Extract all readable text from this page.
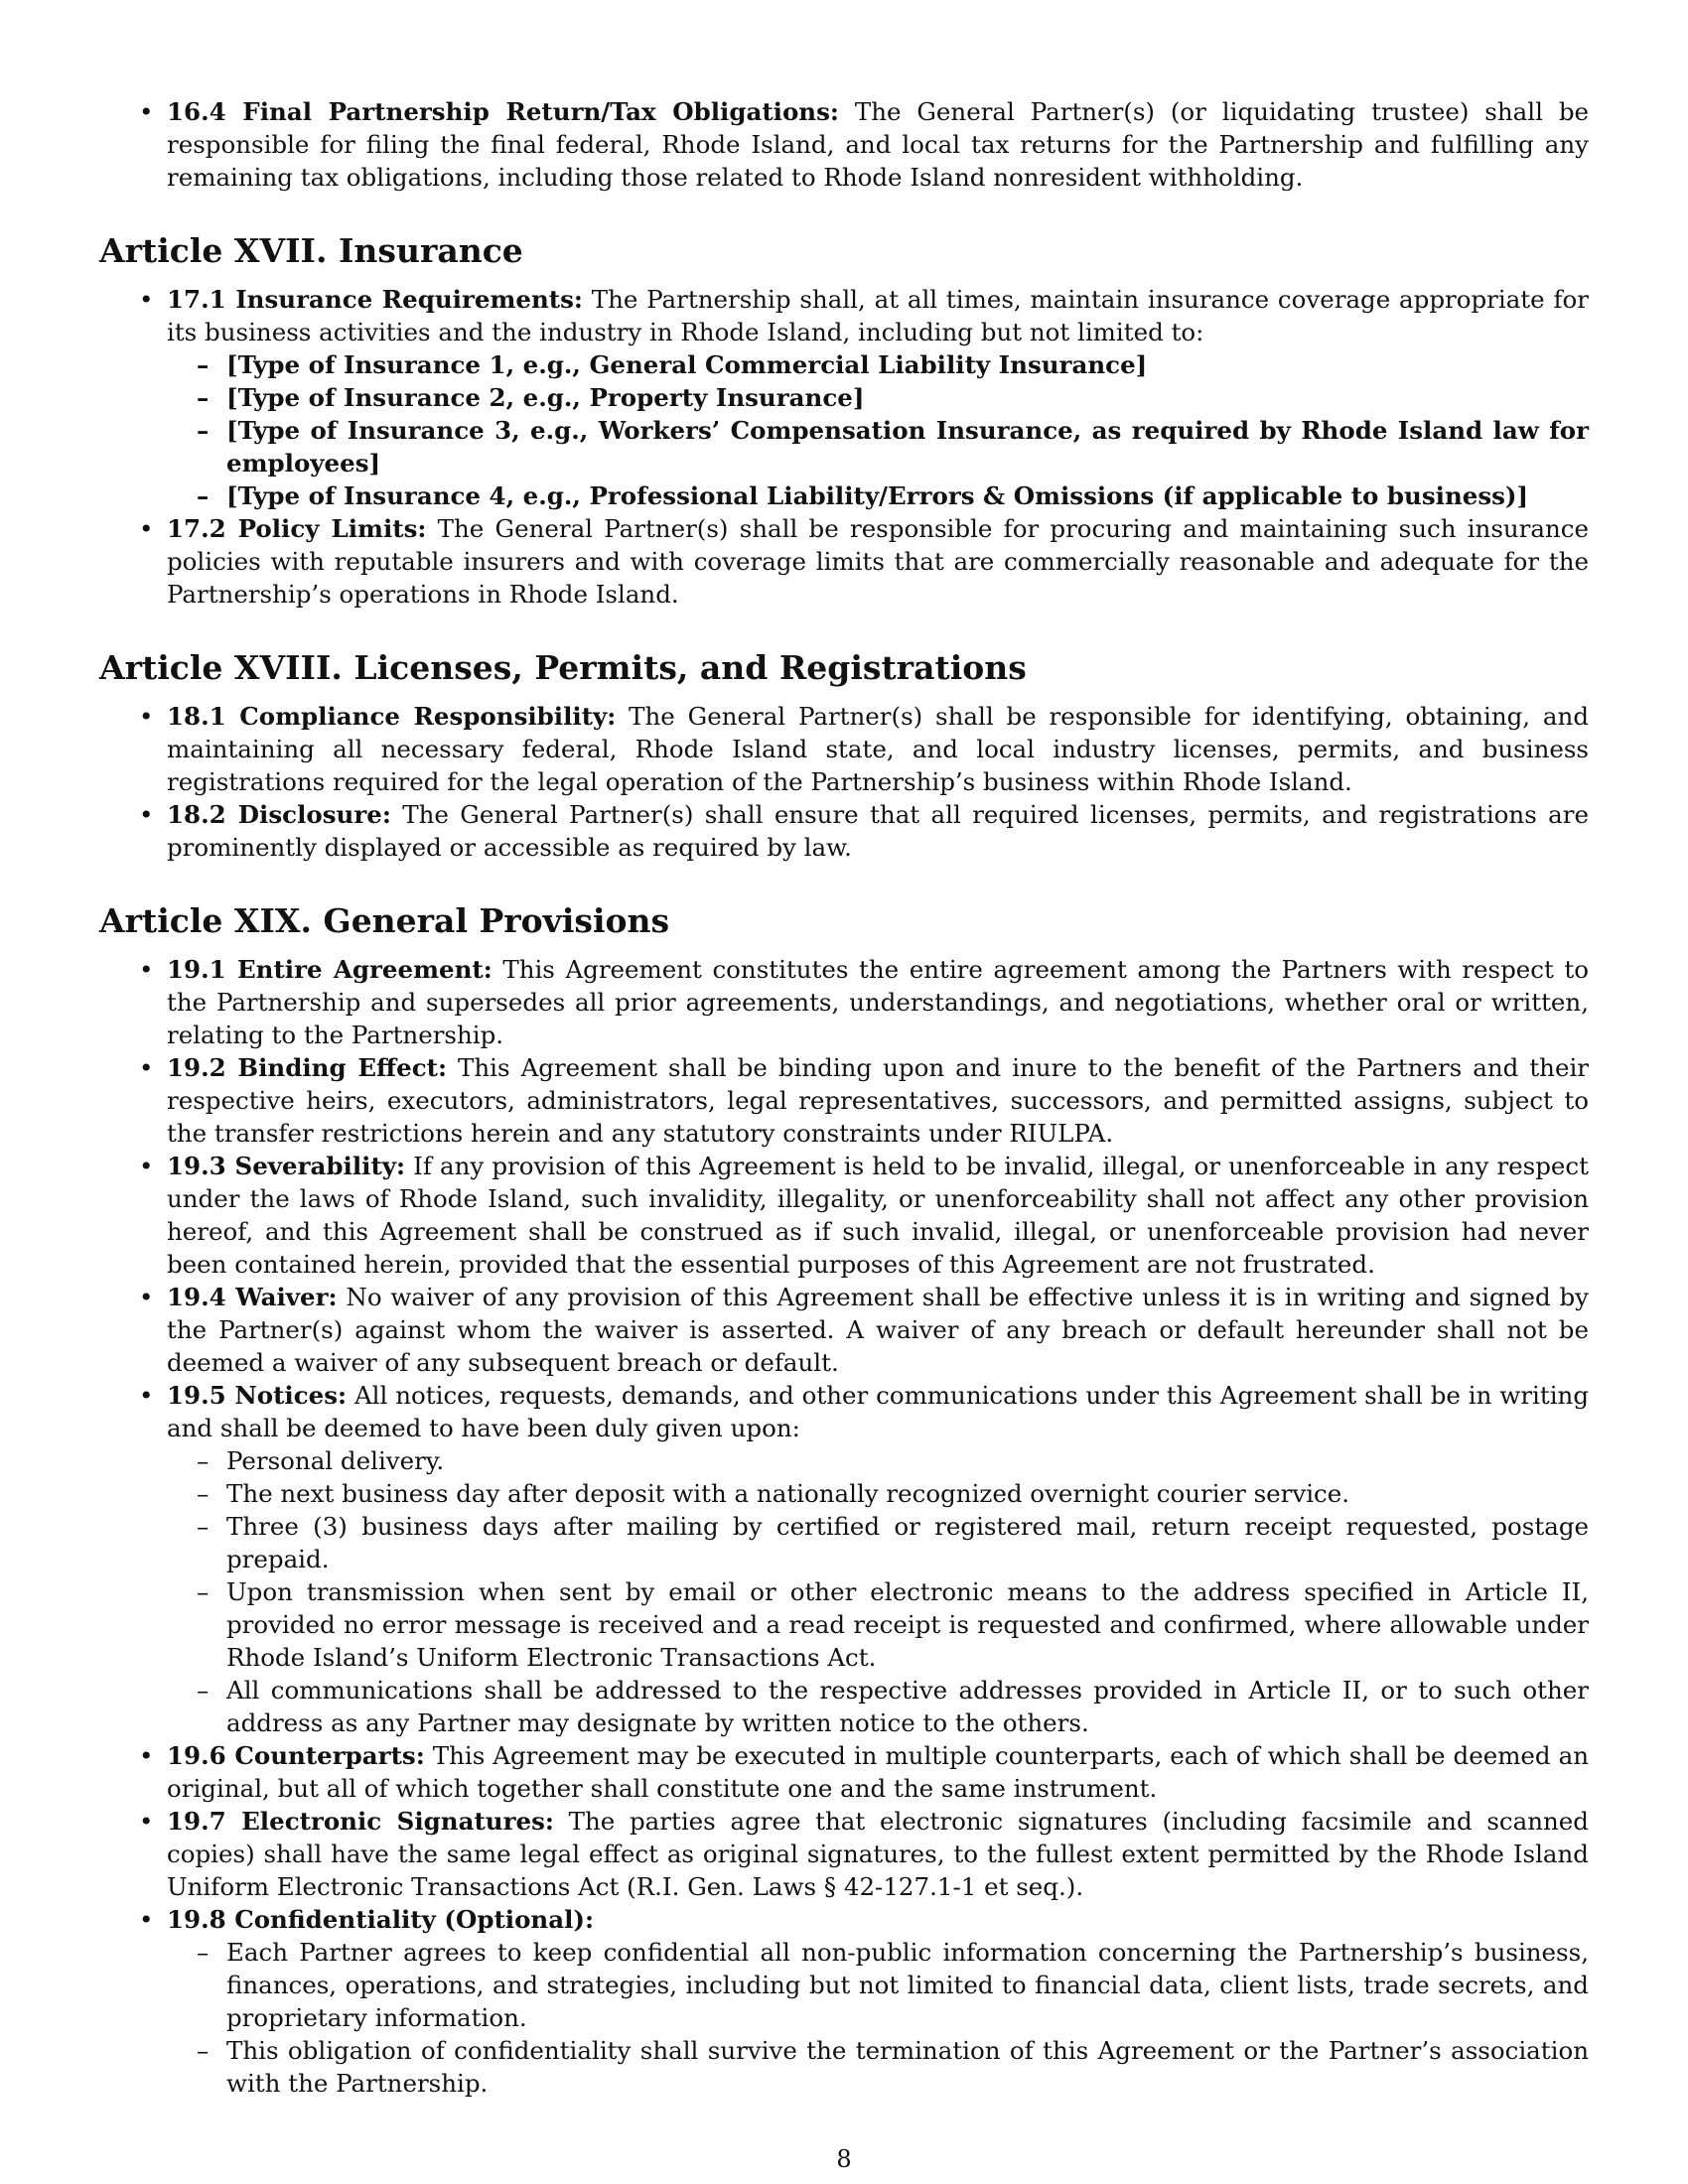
• 16.4 Final Partnership Return/Tax Obligations: The General Partner(s) (or liquidating trustee) shall be responsible for filing the final federal, Rhode Island, and local tax returns for the Partnership and fulfilling any remaining tax obligations, including those related to Rhode Island nonresident withholding.
Article XVII. Insurance
• 17.1 Insurance Requirements: The Partnership shall, at all times, maintain insurance coverage appropriate for its business activities and the industry in Rhode Island, including but not limited to:
– [Type of Insurance 1, e.g., General Commercial Liability Insurance]
– [Type of Insurance 2, e.g., Property Insurance]
– [Type of Insurance 3, e.g., Workers’ Compensation Insurance, as required by Rhode Island law for employees]
– [Type of Insurance 4, e.g., Professional Liability/Errors & Omissions (if applicable to business)]
• 17.2 Policy Limits: The General Partner(s) shall be responsible for procuring and maintaining such insurance policies with reputable insurers and with coverage limits that are commercially reasonable and adequate for the Partnership’s operations in Rhode Island.
Article XVIII. Licenses, Permits, and Registrations
• 18.1 Compliance Responsibility: The General Partner(s) shall be responsible for identifying, obtaining, and maintaining all necessary federal, Rhode Island state, and local industry licenses, permits, and business registrations required for the legal operation of the Partnership’s business within Rhode Island.
• 18.2 Disclosure: The General Partner(s) shall ensure that all required licenses, permits, and registrations are prominently displayed or accessible as required by law.
Article XIX. General Provisions
• 19.1 Entire Agreement: This Agreement constitutes the entire agreement among the Partners with respect to the Partnership and supersedes all prior agreements, understandings, and negotiations, whether oral or written, relating to the Partnership.
• 19.2 Binding Effect: This Agreement shall be binding upon and inure to the benefit of the Partners and their respective heirs, executors, administrators, legal representatives, successors, and permitted assigns, subject to the transfer restrictions herein and any statutory constraints under RIULPA.
• 19.3 Severability: If any provision of this Agreement is held to be invalid, illegal, or unenforceable in any respect under the laws of Rhode Island, such invalidity, illegality, or unenforceability shall not affect any other provision hereof, and this Agreement shall be construed as if such invalid, illegal, or unenforceable provision had never been contained herein, provided that the essential purposes of this Agreement are not frustrated.
• 19.4 Waiver: No waiver of any provision of this Agreement shall be effective unless it is in writing and signed by the Partner(s) against whom the waiver is asserted. A waiver of any breach or default hereunder shall not be deemed a waiver of any subsequent breach or default.
• 19.5 Notices: All notices, requests, demands, and other communications under this Agreement shall be in writing and shall be deemed to have been duly given upon:
– Personal delivery.
– The next business day after deposit with a nationally recognized overnight courier service.
– Three (3) business days after mailing by certified or registered mail, return receipt requested, postage prepaid.
– Upon transmission when sent by email or other electronic means to the address specified in Article II, provided no error message is received and a read receipt is requested and confirmed, where allowable under Rhode Island’s Uniform Electronic Transactions Act.
– All communications shall be addressed to the respective addresses provided in Article II, or to such other address as any Partner may designate by written notice to the others.
• 19.6 Counterparts: This Agreement may be executed in multiple counterparts, each of which shall be deemed an original, but all of which together shall constitute one and the same instrument.
• 19.7 Electronic Signatures: The parties agree that electronic signatures (including facsimile and scanned copies) shall have the same legal effect as original signatures, to the fullest extent permitted by the Rhode Island Uniform Electronic Transactions Act (R.I. Gen. Laws § 42-127.1-1 et seq.).
• 19.8 Confidentiality (Optional):
– Each Partner agrees to keep confidential all non-public information concerning the Partnership’s business, finances, operations, and strategies, including but not limited to financial data, client lists, trade secrets, and proprietary information.
– This obligation of confidentiality shall survive the termination of this Agreement or the Partner’s association with the Partnership.
8
